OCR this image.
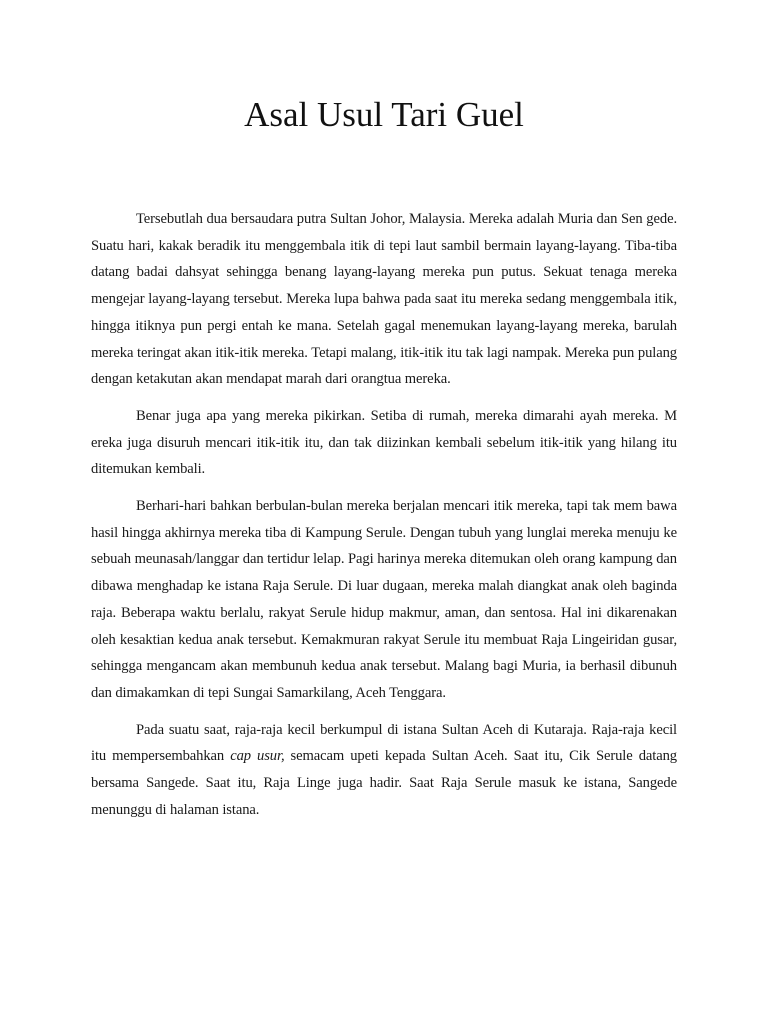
Asal Usul Tari Guel

Tersebutlah dua bersaudara putra Sultan Johor, Malaysia. Mereka adalah Muria dan Sen gede. Suatu hari, kakak beradik itu menggembala itik di tepi laut sambil bermain layang-layang. Tiba-tiba datang badai dahsyat sehingga benang layang-layang mereka pun putus. Sekuat tenaga mereka mengejar layang-layang tersebut. Mereka lupa bahwa pada saat itu mereka sedang menggembala itik, hingga itiknya pun pergi entah ke mana. Setelah gagal menemukan layang-layang mereka, barulah mereka teringat akan itik-itik mereka. Tetapi malang, itik-itik itu tak lagi nampak. Mereka pun pulang dengan ketakutan akan mendapat marah dari orangtua mereka.

Benar juga apa yang mereka pikirkan. Setiba di rumah, mereka dimarahi ayah mereka. M ereka juga disuruh mencari itik-itik itu, dan tak diizinkan kembali sebelum itik-itik yang hilang itu ditemukan kembali.

Berhari-hari bahkan berbulan-bulan mereka berjalan mencari itik mereka, tapi tak mem bawa hasil hingga akhirnya mereka tiba di Kampung Serule. Dengan tubuh yang lunglai mereka menuju ke sebuah meunasah/langgar dan tertidur lelap. Pagi harinya mereka ditemukan oleh orang kampung dan dibawa menghadap ke istana Raja Serule. Di luar dugaan, mereka malah diangkat anak oleh baginda raja. Beberapa waktu berlalu, rakyat Serule hidup makmur, aman, dan sentosa. Hal ini dikarenakan oleh kesaktian kedua anak tersebut. Kemakmuran rakyat Serule itu membuat Raja Lingeiridan gusar, sehingga mengancam akan membunuh kedua anak tersebut. Malang bagi Muria, ia berhasil dibunuh dan dimakamkan di tepi Sungai Samarkilang, Aceh Tenggara.

Pada suatu saat, raja-raja kecil berkumpul di istana Sultan Aceh di Kutaraja. Raja-raja kecil itu mempersembahkan cap usur, semacam upeti kepada Sultan Aceh. Saat itu, Cik Serule datang bersama Sangede. Saat itu, Raja Linge juga hadir. Saat Raja Serule masuk ke istana, Sangede menunggu di halaman istana.
